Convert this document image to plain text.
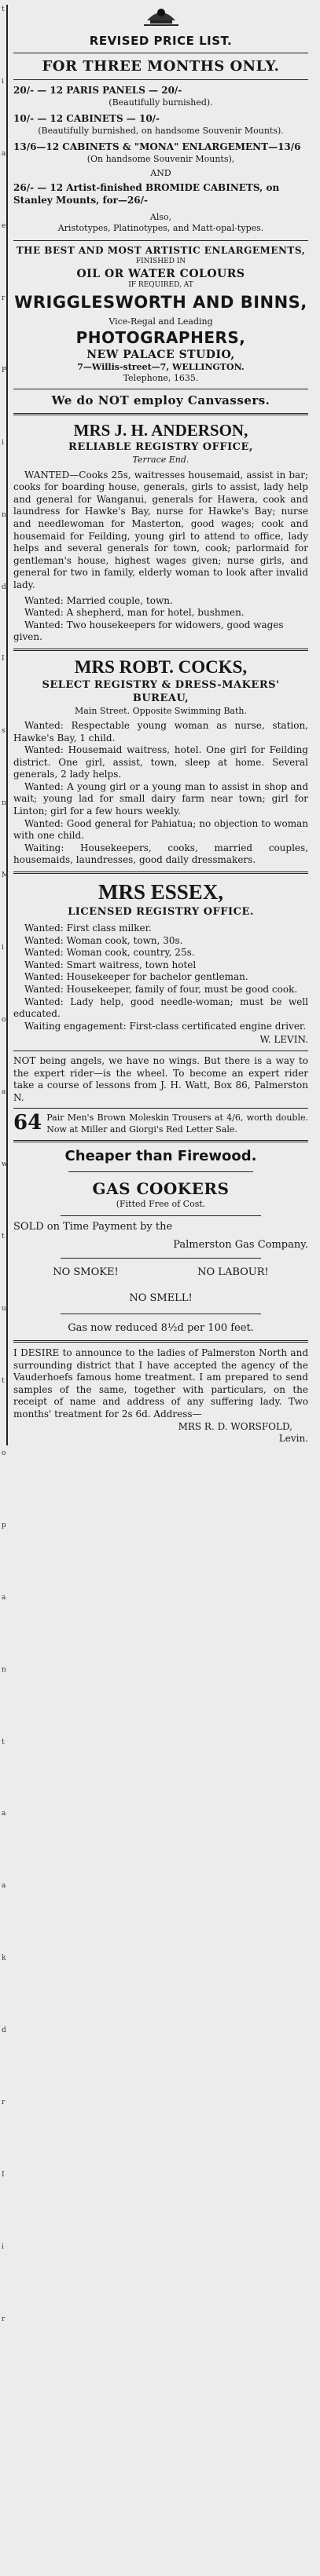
t
i
a
e
r
P
i
n
d
I
s
n
M
i
o
a
w
t
u
t
o
p
a
n
t
a
a
k
d
r
I
i
r

REVISED PRICE LIST.

FOR THREE MONTHS ONLY.

20/- — 12 PARIS PANELS — 20/-

(Beautifully burnished).

10/- — 12 CABINETS — 10/-

(Beautifully burnished, on handsome Souvenir Mounts).

13/6—12 CABINETS & "MONA" ENLARGEMENT—13/6

(On handsome Souvenir Mounts),

AND

26/- — 12 Artist-finished BROMIDE CABINETS, on Stanley Mounts, for—26/-

Also,

Aristotypes, Platinotypes, and Matt-opal-types.

THE BEST AND MOST ARTISTIC ENLARGEMENTS,

FINISHED IN

OIL OR WATER COLOURS

IF REQUIRED, AT

WRIGGLESWORTH AND BINNS,

Vice-Regal and Leading

PHOTOGRAPHERS,

NEW PALACE STUDIO,

7—Willis-street—7, WELLINGTON.

Telephone, 1635.

We do NOT employ Canvassers.

MRS J. H. ANDERSON,

RELIABLE REGISTRY OFFICE,

Terrace End.

WANTED—Cooks 25s, waitresses housemaid, assist in bar; cooks for boarding house, generals, girls to assist, lady help and general for Wanganui, generals for Hawera, cook and laundress for Hawke's Bay, nurse for Hawke's Bay; nurse and needlewoman for Masterton, good wages; cook and housemaid for Feilding, young girl to attend to office, lady helps and several generals for town, cook; parlormaid for gentleman's house, highest wages given; nurse girls, and general for two in family, elderly woman to look after invalid lady.

Wanted: Married couple, town.

Wanted: A shepherd, man for hotel, bushmen.

Wanted: Two housekeepers for widowers, good wages given.

MRS ROBT. COCKS,

SELECT REGISTRY & DRESS-MAKERS' BUREAU,

Main Street. Opposite Swimming Bath.

Wanted: Respectable young woman as nurse, station, Hawke's Bay, 1 child.

Wanted: Housemaid waitress, hotel. One girl for Feilding district. One girl, assist, town, sleep at home. Several generals, 2 lady helps.

Wanted: A young girl or a young man to assist in shop and wait; young lad for small dairy farm near town; girl for Linton; girl for a few hours weekly.

Wanted: Good general for Pahiatua; no objection to woman with one child.

Waiting: Housekeepers, cooks, married couples, housemaids, laundresses, good daily dressmakers.

MRS ESSEX,

LICENSED REGISTRY OFFICE.

Wanted: First class milker.

Wanted: Woman cook, town, 30s.

Wanted: Woman cook, country, 25s.

Wanted: Smart waitress, town hotel

Wanted: Housekeeper for bachelor gentleman.

Wanted: Housekeeper, family of four, must be good cook.

Wanted: Lady help, good needle-woman; must be well educated.

Waiting engagement: First-class certificated engine driver.

W. LEVIN.

NOT being angels, we have no wings. But there is a way to the expert rider—is the wheel. To become an expert rider take a course of lessons from J. H. Watt, Box 86, Palmerston N.

64 Pair Men's Brown Moleskin Trousers at 4/6, worth double. Now at Miller and Giorgi's Red Letter Sale.

Cheaper than Firewood.

GAS COOKERS

(Fitted Free of Cost.

SOLD on Time Payment by the

Palmerston Gas Company.

NO SMOKE!	NO LABOUR!

NO SMELL!

Gas now reduced 8½d per 100 feet.

I DESIRE to announce to the ladies of Palmerston North and surrounding district that I have accepted the agency of the Vauderhoefs famous home treatment. I am prepared to send samples of the same, together with particulars, on the receipt of name and address of any suffering lady. Two months' treatment for 2s 6d. Address—

MRS R. D. WORSFOLD,

Levin.
